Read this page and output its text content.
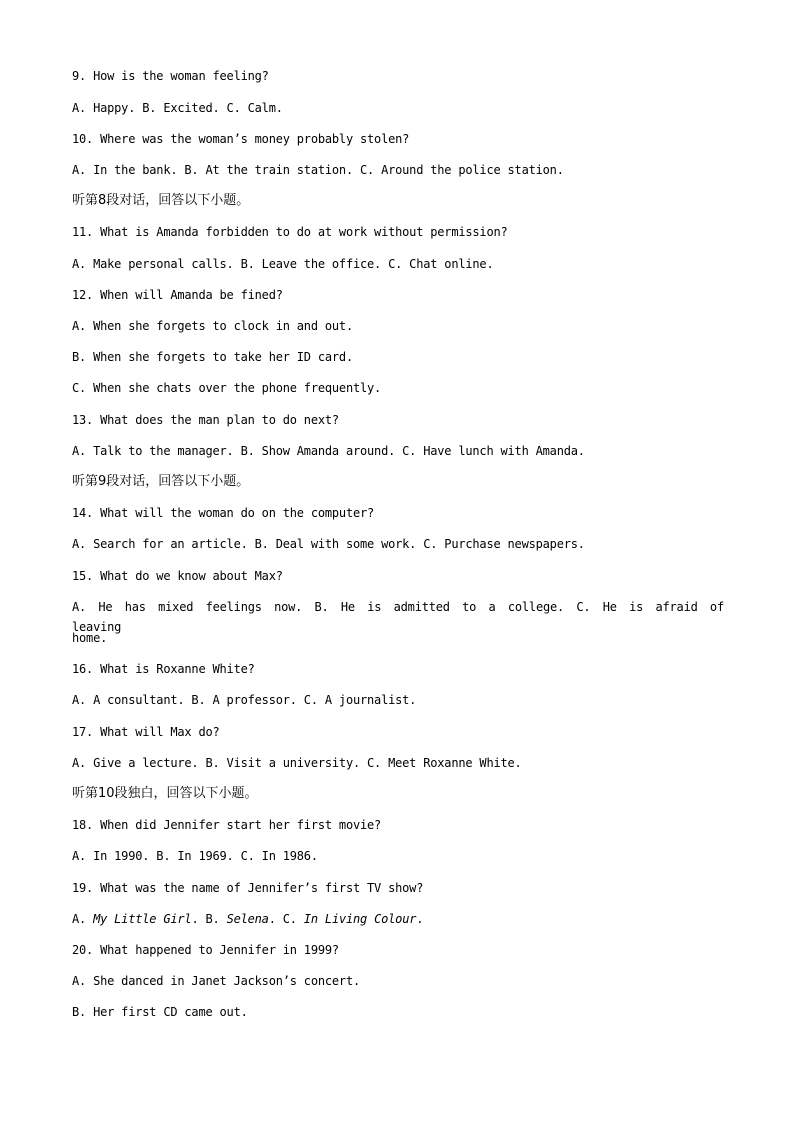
9. How is the woman feeling?
A. Happy. B. Excited. C. Calm.
10. Where was the woman’s money probably stolen?
A. In the bank. B. At the train station. C. Around the police station.
听第8段对话，回答以下小题。
11. What is Amanda forbidden to do at work without permission?
A. Make personal calls. B. Leave the office. C. Chat online.
12. When will Amanda be fined?
A. When she forgets to clock in and out.
B. When she forgets to take her ID card.
C. When she chats over the phone frequently.
13. What does the man plan to do next?
A. Talk to the manager. B. Show Amanda around. C. Have lunch with Amanda.
听第9段对话，回答以下小题。
14. What will the woman do on the computer?
A. Search for an article. B. Deal with some work. C. Purchase newspapers.
15. What do we know about Max?
A. He has mixed feelings now. B. He is admitted to a college. C. He is afraid of leaving
home.
16. What is Roxanne White?
A. A consultant. B. A professor. C. A journalist.
17. What will Max do?
A. Give a lecture. B. Visit a university. C. Meet Roxanne White.
听第10段独白，回答以下小题。
18. When did Jennifer start her first movie?
A. In 1990. B. In 1969. C. In 1986.
19. What was the name of Jennifer’s first TV show?
A. My Little Girl. B. Selena. C. In Living Colour.
20. What happened to Jennifer in 1999?
A. She danced in Janet Jackson’s concert.
B. Her first CD came out.
